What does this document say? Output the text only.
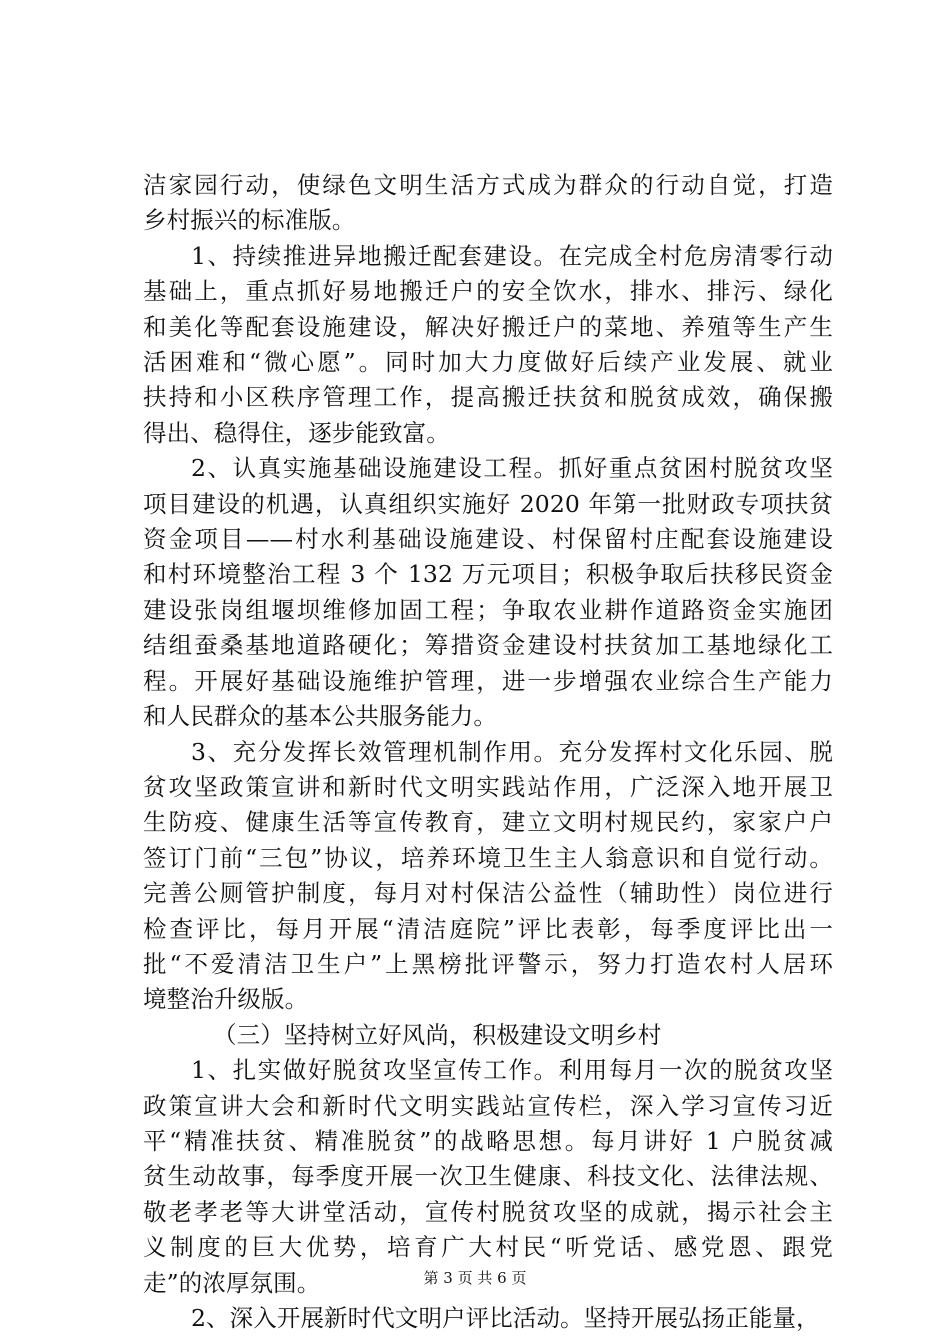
洁家园行动，使绿色文明生活方式成为群众的行动自觉，打造
乡村振兴的标准版。

1、持续推进异地搬迁配套建设。在完成全村危房清零行动
基础上，重点抓好易地搬迁户的安全饮水，排水、排污、绿化
和美化等配套设施建设，解决好搬迁户的菜地、养殖等生产生
活困难和“微心愿”。同时加大力度做好后续产业发展、就业
扶持和小区秩序管理工作，提高搬迁扶贫和脱贫成效，确保搬
得出、稳得住，逐步能致富。

2、认真实施基础设施建设工程。抓好重点贫困村脱贫攻坚
项目建设的机遇，认真组织实施好 2020 年第一批财政专项扶贫
资金项目——村水利基础设施建设、村保留村庄配套设施建设
和村环境整治工程 3 个 132 万元项目；积极争取后扶移民资金
建设张岗组堰坝维修加固工程；争取农业耕作道路资金实施团
结组蚕桑基地道路硬化；筹措资金建设村扶贫加工基地绿化工
程。开展好基础设施维护管理，进一步增强农业综合生产能力
和人民群众的基本公共服务能力。

3、充分发挥长效管理机制作用。充分发挥村文化乐园、脱
贫攻坚政策宣讲和新时代文明实践站作用，广泛深入地开展卫
生防疫、健康生活等宣传教育，建立文明村规民约，家家户户
签订门前“三包”协议，培养环境卫生主人翁意识和自觉行动。
完善公厕管护制度，每月对村保洁公益性（辅助性）岗位进行
检查评比，每月开展“清洁庭院”评比表彰，每季度评比出一
批“不爱清洁卫生户”上黑榜批评警示，努力打造农村人居环
境整治升级版。

（三）坚持树立好风尚，积极建设文明乡村

1、扎实做好脱贫攻坚宣传工作。利用每月一次的脱贫攻坚
政策宣讲大会和新时代文明实践站宣传栏，深入学习宣传习近
平“精准扶贫、精准脱贫”的战略思想。每月讲好 1 户脱贫减
贫生动故事，每季度开展一次卫生健康、科技文化、法律法规、
敬老孝老等大讲堂活动，宣传村脱贫攻坚的成就，揭示社会主
义制度的巨大优势，培育广大村民“听党话、感党恩、跟党
走”的浓厚氛围。

2、深入开展新时代文明户评比活动。坚持开展弘扬正能量，

第 3 页 共 6 页
